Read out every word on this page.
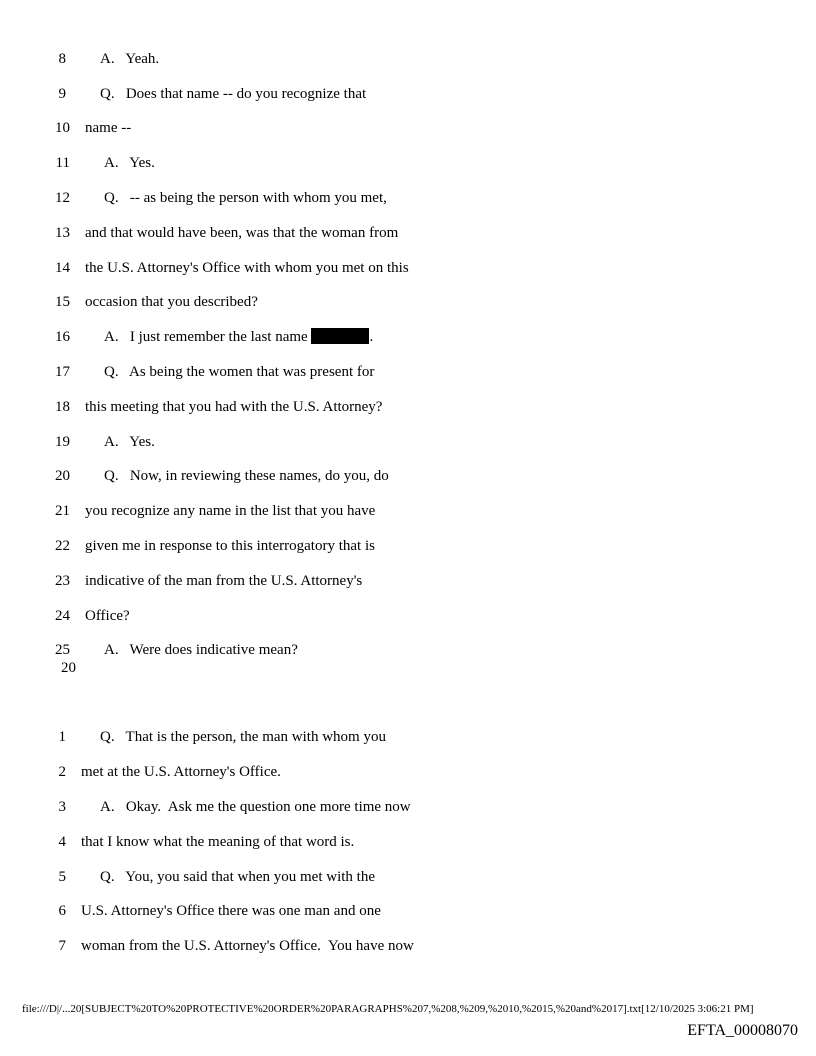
8

A.   Yeah.

9

Q.   Does that name -- do you recognize that

10

name --

11

A.   Yes.

12

Q.   -- as being the person with whom you met,

13

and that would have been, was that the woman from

14

the U.S. Attorney's Office with whom you met on this

15

occasion that you described?

16

A.   I just remember the last name	.

17

Q.   As being the women that was present for

18

this meeting that you had with the U.S. Attorney?

19

A.   Yes.

20

Q.   Now, in reviewing these names, do you, do

21

you recognize any name in the list that you have

22

given me in response to this interrogatory that is

23

indicative of the man from the U.S. Attorney's

24

Office?

25

A.   Were does indicative mean?

20

1

Q.   That is the person, the man with whom you

2

met at the U.S. Attorney's Office.

3

A.   Okay.  Ask me the question one more time now

4

that I know what the meaning of that word is.

5

Q.   You, you said that when you met with the

6

U.S. Attorney's Office there was one man and one

7

woman from the U.S. Attorney's Office.  You have now

file:///D|/...20[SUBJECT%20TO%20PROTECTIVE%20ORDER%20PARAGRAPHS%207,%208,%209,%2010,%2015,%20and%2017].txt[12/10/2025 3:06:21 PM]
EFTA_00008070
